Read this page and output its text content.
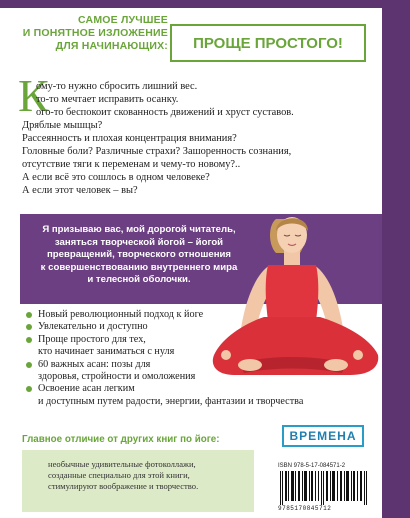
САМОЕ ЛУЧШЕЕ
И ПОНЯТНОЕ ИЗЛОЖЕНИЕ
ДЛЯ НАЧИНАЮЩИХ:	ПРОЩЕ ПРОСТОГО!
К

ому-то нужно сбросить лишний вес.

то-то мечтает исправить осанку.

ого-то беспокоит скованность движений и хруст суставов.

Дряблые мышцы?

Рассеянность и плохая концентрация внимания?

Головные боли? Различные страхи? Зашоренность сознания,

отсутствие тяги к переменам и чему-то новому?..

А если всё это сошлось в одном человеке?

А если этот человек – вы?

Я призываю вас, мой дорогой читатель,
заняться творческой йогой – йогой
превращений, творческого отношения
к совершенствованию внутреннего мира
и телесной оболочки.
Новый революционный подход к йоге
Увлекательно и доступно
Проще простого для тех,
кто начинает заниматься с нуля
60 важных асан: позы для
здоровья, стройности и омоложения
Освоение асан легким
и доступным путем радости, энергии, фантазии и творчества
Главное отличие от других книг по йоге:
необычные удивительные фотоколлажи,
созданные специально для этой книги,
стимулируют воображение и творчество.
ВРЕМЕНА
ISBN 978-5-17-084571-2
9785170845712
